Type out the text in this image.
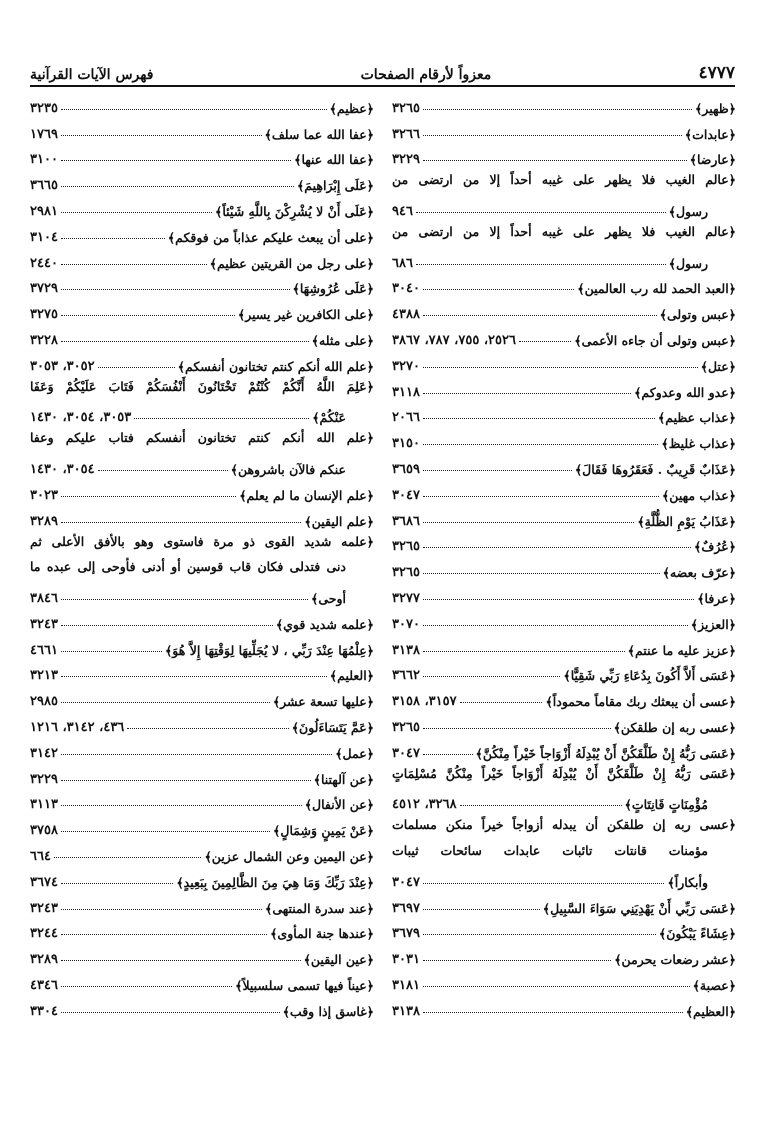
فهرس الآيات القرآنية	معزواً لأرقام الصفحات	٤٧٧٧
﴿ظهير﴾
٣٢٦٥
﴿عابدات﴾
٣٢٦٦
﴿عارضا﴾
٣٢٢٩
﴿عالم الغيب فلا يظهر على غيبه أحداً إلا من ارتضى من
رسول﴾
٩٤٦
﴿عالم الغيب فلا يظهر على غيبه أحداً إلا من ارتضى من
رسول﴾
٦٨٦
﴿العبد الحمد لله رب العالمين﴾
٣٠٤٠
﴿عبس وتولى﴾
٤٣٨٨
﴿عبس وتولى أن جاءه الأعمى﴾
٢٥٢٦، ٧٥٥، ٧٨٧، ٣٨٦٧
﴿عتل﴾
٣٢٧٠
﴿عدو الله وعدوكم﴾
٣١١٨
﴿عذاب عظيم﴾
٢٠٦٦
﴿عذاب غليظ﴾
٣١٥٠
﴿عَذَابٌ قَرِيبٌ . فَعَقَرُوهَا فَقَالَ﴾
٣٦٥٩
﴿عذاب مهين﴾
٣٠٤٧
﴿عَذَابُ يَوْمِ الظُّلَّةِ﴾
٣٦٨٦
﴿عُرُفٌ﴾
٣٢٦٥
﴿عرّف بعضه﴾
٣٢٦٥
﴿عرفا﴾
٣٢٧٧
﴿العزيز﴾
٣٠٧٠
﴿عزيز عليه ما عنتم﴾
٣١٣٨
﴿عَسَى أَلاَّ أَكُونَ بِدُعَاءِ رَبِّي شَقِيًّا﴾
٣٦٦٢
﴿عسى أن يبعثك ربك مقاماً محموداً﴾
٣١٥٧، ٣١٥٨
﴿عسى ربه إن طلقكن﴾
٣٢٦٥
﴿عَسَى رَبُّهُ إِنْ طَلَّقَكُنَّ أَنْ يُبْدِلَهُ أَزْوَاجاً خَيْراً مِنْكُنَّ﴾
٣٠٤٧
﴿عَسَى رَبُّهُ إِنْ طَلَّقَكُنَّ أَنْ يُبْدِلَهُ أَزْوَاجاً خَيْراً مِنْكُنَّ مُسْلِمَاتٍ
مُؤْمِنَاتٍ قَانِتَاتٍ﴾
٣٢٦٨، ٤٥١٢
﴿عسى ربه إن طلقكن أن يبدله أزواجاً خيراً منكن مسلمات
مؤمنات قانتات تائبات عابدات سائحات ثيبات
وأبكاراً﴾
٣٠٤٧
﴿عَسَى رَبِّي أَنْ يَهْدِيَنِي سَوَاءَ السَّبِيلِ﴾
٣٦٩٧
﴿عِشَاءً يَبْكُونَ﴾
٣٦٧٩
﴿عشر رضعات يحرمن﴾
٣٠٣١
﴿عصبة﴾
٣١٨١
﴿العظيم﴾
٣١٣٨
﴿عظيم﴾
٣٢٣٥
﴿عفا الله عما سلف﴾
١٧٦٩
﴿عفا الله عنها﴾
٣١٠٠
﴿عَلَى إِبْرَاهِيمَ﴾
٣٦٦٥
﴿عَلَى أَنْ لا يُشْرِكْنَ بِاللَّهِ شَيْئاً﴾
٢٩٨١
﴿على أن يبعث عليكم عذاباً من فوقكم﴾
٣١٠٤
﴿على رجل من القريتين عظيم﴾
٢٤٤٠
﴿عَلَى عُرُوشِهَا﴾
٣٧٢٩
﴿على الكافرين غير يسير﴾
٣٢٧٥
﴿على مثله﴾
٣٢٢٨
﴿علم الله أنكم كنتم تختانون أنفسكم﴾
٣٠٥٢، ٣٠٥٣
﴿عَلِمَ اللَّهُ أَنَّكُمْ كُنْتُمْ تَخْتَانُونَ أَنْفُسَكُمْ فَتَابَ عَلَيْكُمْ وَعَفَا
عَنْكُمْ﴾
٣٠٥٣، ٣٠٥٤، ١٤٣٠
﴿علم الله أنكم كنتم تختانون أنفسكم فتاب عليكم وعفا
عنكم فالآن باشروهن﴾
٣٠٥٤، ١٤٣٠
﴿علم الإنسان ما لم يعلم﴾
٣٠٢٣
﴿علم اليقين﴾
٣٢٨٩
﴿علمه شديد القوى ذو مرة فاستوى وهو بالأفق الأعلى ثم
دنى فتدلى فكان قاب قوسين أو أدنى فأوحى إلى عبده ما
أوحى﴾
٣٨٤٦
﴿علمه شديد قوي﴾
٣٢٤٣
﴿عِلْمُهَا عِنْدَ رَبِّي ، لا يُجَلِّيهَا لِوَقْتِهَا إِلاَّ هُوَ﴾
٤٦٦١
﴿العليم﴾
٣٢١٣
﴿عليها تسعة عشر﴾
٢٩٨٥
﴿عَمَّ يَتَسَاءَلُونَ﴾
٤٣٦، ٣١٤٢، ١٢١٦
﴿عمل﴾
٣١٤٢
﴿عن آلهتنا﴾
٣٢٢٩
﴿عن الأنفال﴾
٣١١٣
﴿عَنْ يَمِينٍ وَشِمَالٍ﴾
٣٧٥٨
﴿عن اليمين وعن الشمال عزين﴾
٦٦٤
﴿عِنْدَ رَبِّكَ وَمَا هِيَ مِنَ الظَّالِمِينَ بِبَعِيدٍ﴾
٣٦٧٤
﴿عند سدرة المنتهى﴾
٣٢٤٣
﴿عندها جنة المأوى﴾
٣٢٤٤
﴿عين اليقين﴾
٣٢٨٩
﴿عيناً فيها تسمى سلسبيلاً﴾
٤٣٤٦
﴿غاسق إذا وقب﴾
٣٣٠٤
